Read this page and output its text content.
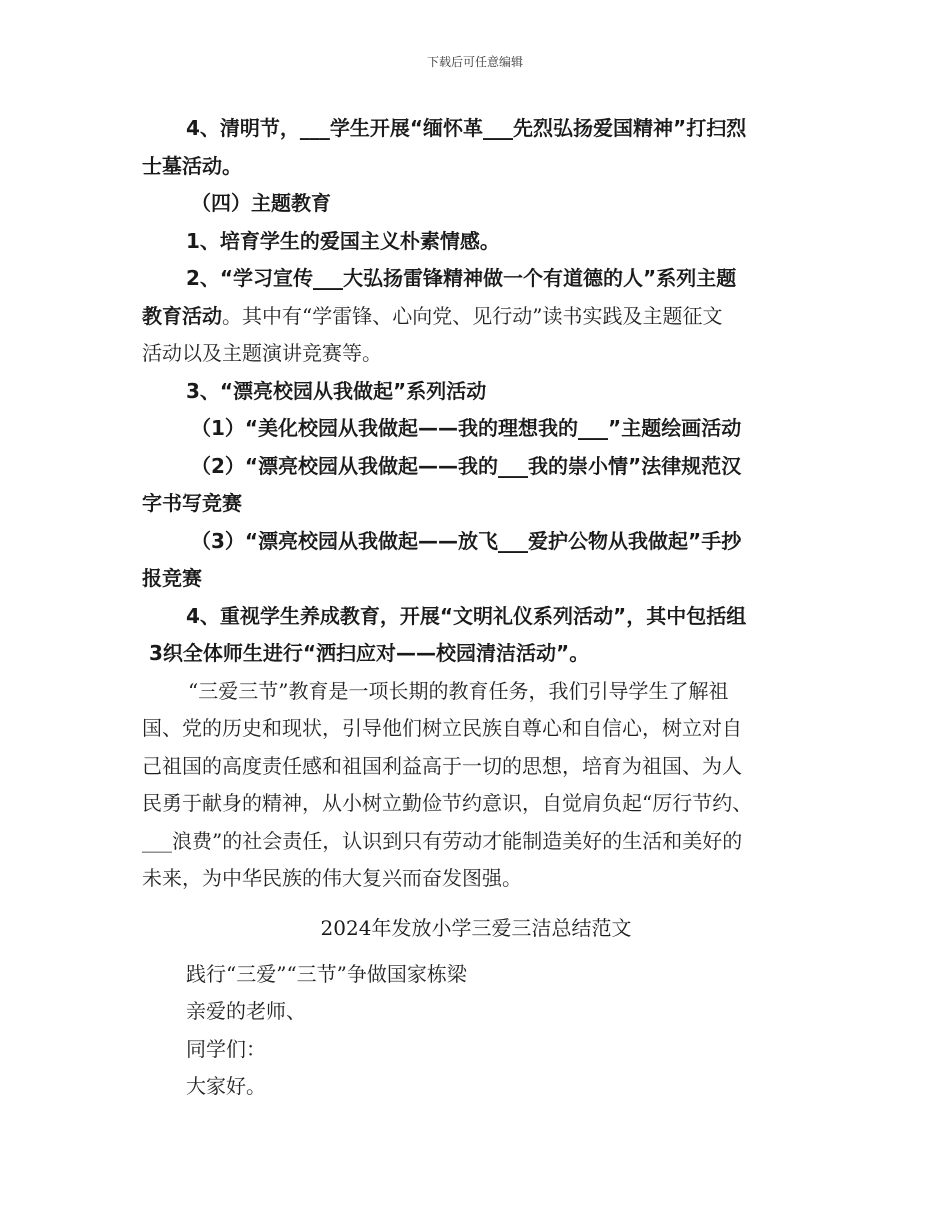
下载后可任意编辑
4、清明节，___学生开展“缅怀革___先烈弘扬爱国精神”打扫烈
士墓活动。
（四）主题教育
1、培育学生的爱国主义朴素情感。
2、“学习宣传___大弘扬雷锋精神做一个有道德的人”系列主题
教育活动。其中有“学雷锋、心向党、见行动”读书实践及主题征文
活动以及主题演讲竞赛等。
3、“漂亮校园从我做起”系列活动
（1）“美化校园从我做起——我的理想我的___”主题绘画活动
（2）“漂亮校园从我做起——我的___我的崇小情”法律规范汉
字书写竞赛
（3）“漂亮校园从我做起——放飞___爱护公物从我做起”手抄
报竞赛
4、重视学生养成教育，开展“文明礼仪系列活动”，其中包括组
3织全体师生进行“洒扫应对——校园清洁活动”。
“三爱三节”教育是一项长期的教育任务，我们引导学生了解祖
国、党的历史和现状，引导他们树立民族自尊心和自信心，树立对自
己祖国的高度责任感和祖国利益高于一切的思想，培育为祖国、为人
民勇于献身的精神，从小树立勤俭节约意识，自觉肩负起“厉行节约、
___浪费”的社会责任，认识到只有劳动才能制造美好的生活和美好的
未来，为中华民族的伟大复兴而奋发图强。
2024年发放小学三爱三洁总结范文
践行“三爱”“三节”争做国家栋梁
亲爱的老师、
同学们：
大家好。
